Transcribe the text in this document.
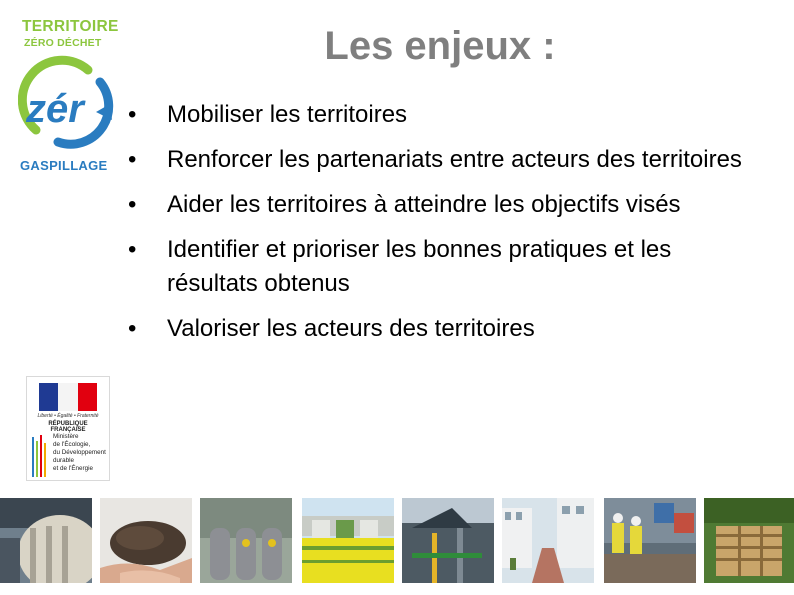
TERRITOIRE
ZÉRO DÉCHET
zér
GASPILLAGE
Les enjeux :
• Mobiliser les territoires
• Renforcer les partenariats entre acteurs des territoires
• Aider les territoires à atteindre les objectifs visés
• Identifier et prioriser les bonnes pratiques et les résultats obtenus
• Valoriser les acteurs des territoires
Liberté • Égalité • Fraternité
RÉPUBLIQUE FRANÇAISE
Ministère
de l'Écologie,
du Développement
durable
et de l'Énergie
